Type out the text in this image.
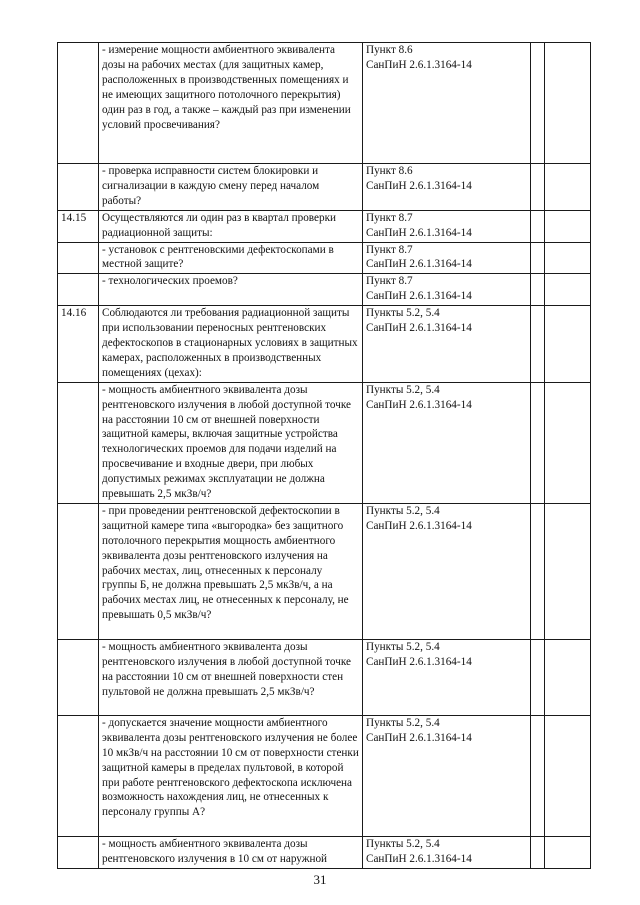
	- измерение мощности амбиентного эквивалента дозы на рабочих местах (для защитных камер, расположенных в производственных помещениях и не имеющих защитного потолочного перекрытия) один раз в год, а также – каждый раз при изменении условий просвечивания?	Пункт 8.6
СанПиН 2.6.1.3164-14		
	- проверка исправности систем блокировки и сигнализации в каждую смену перед началом работы?	Пункт 8.6
СанПиН 2.6.1.3164-14		
14.15	Осуществляются ли один раз в квартал проверки радиационной защиты:	Пункт 8.7
СанПиН 2.6.1.3164-14		
	- установок с рентгеновскими дефектоскопами в местной защите?	Пункт 8.7
СанПиН 2.6.1.3164-14		
	- технологических проемов?	Пункт 8.7
СанПиН 2.6.1.3164-14		
14.16	Соблюдаются ли требования радиационной защиты при использовании переносных рентгеновских дефектоскопов в стационарных условиях в защитных камерах, расположенных в производственных помещениях (цехах):	Пункты 5.2, 5.4
СанПиН 2.6.1.3164-14		
	- мощность амбиентного эквивалента дозы рентгеновского излучения в любой доступной точке на расстоянии 10 см от внешней поверхности защитной камеры, включая защитные устройства технологических проемов для подачи изделий на просвечивание и входные двери, при любых допустимых режимах эксплуатации не должна превышать 2,5 мкЗв/ч?	Пункты 5.2, 5.4
СанПиН 2.6.1.3164-14		
	- при проведении рентгеновской дефектоскопии в защитной камере типа «выгородка» без защитного потолочного перекрытия мощность амбиентного эквивалента дозы рентгеновского излучения на рабочих местах, лиц, отнесенных к персоналу группы Б, не должна превышать 2,5 мкЗв/ч, а на рабочих местах лиц, не отнесенных к персоналу, не превышать 0,5 мкЗв/ч?	Пункты 5.2, 5.4
СанПиН 2.6.1.3164-14		
	- мощность амбиентного эквивалента дозы рентгеновского излучения в любой доступной точке на расстоянии 10 см от внешней поверхности стен пультовой не должна превышать 2,5 мкЗв/ч?	Пункты 5.2, 5.4
СанПиН 2.6.1.3164-14		
	- допускается значение мощности амбиентного эквивалента дозы рентгеновского излучения не более 10 мкЗв/ч на расстоянии 10 см от поверхности стенки защитной камеры в пределах пультовой, в которой при работе рентгеновского дефектоскопа исключена возможность нахождения лиц, не отнесенных к персоналу группы А?	Пункты 5.2, 5.4
СанПиН 2.6.1.3164-14		
	- мощность амбиентного эквивалента дозы рентгеновского излучения в 10 см от наружной	Пункты 5.2, 5.4
СанПиН 2.6.1.3164-14		
31
